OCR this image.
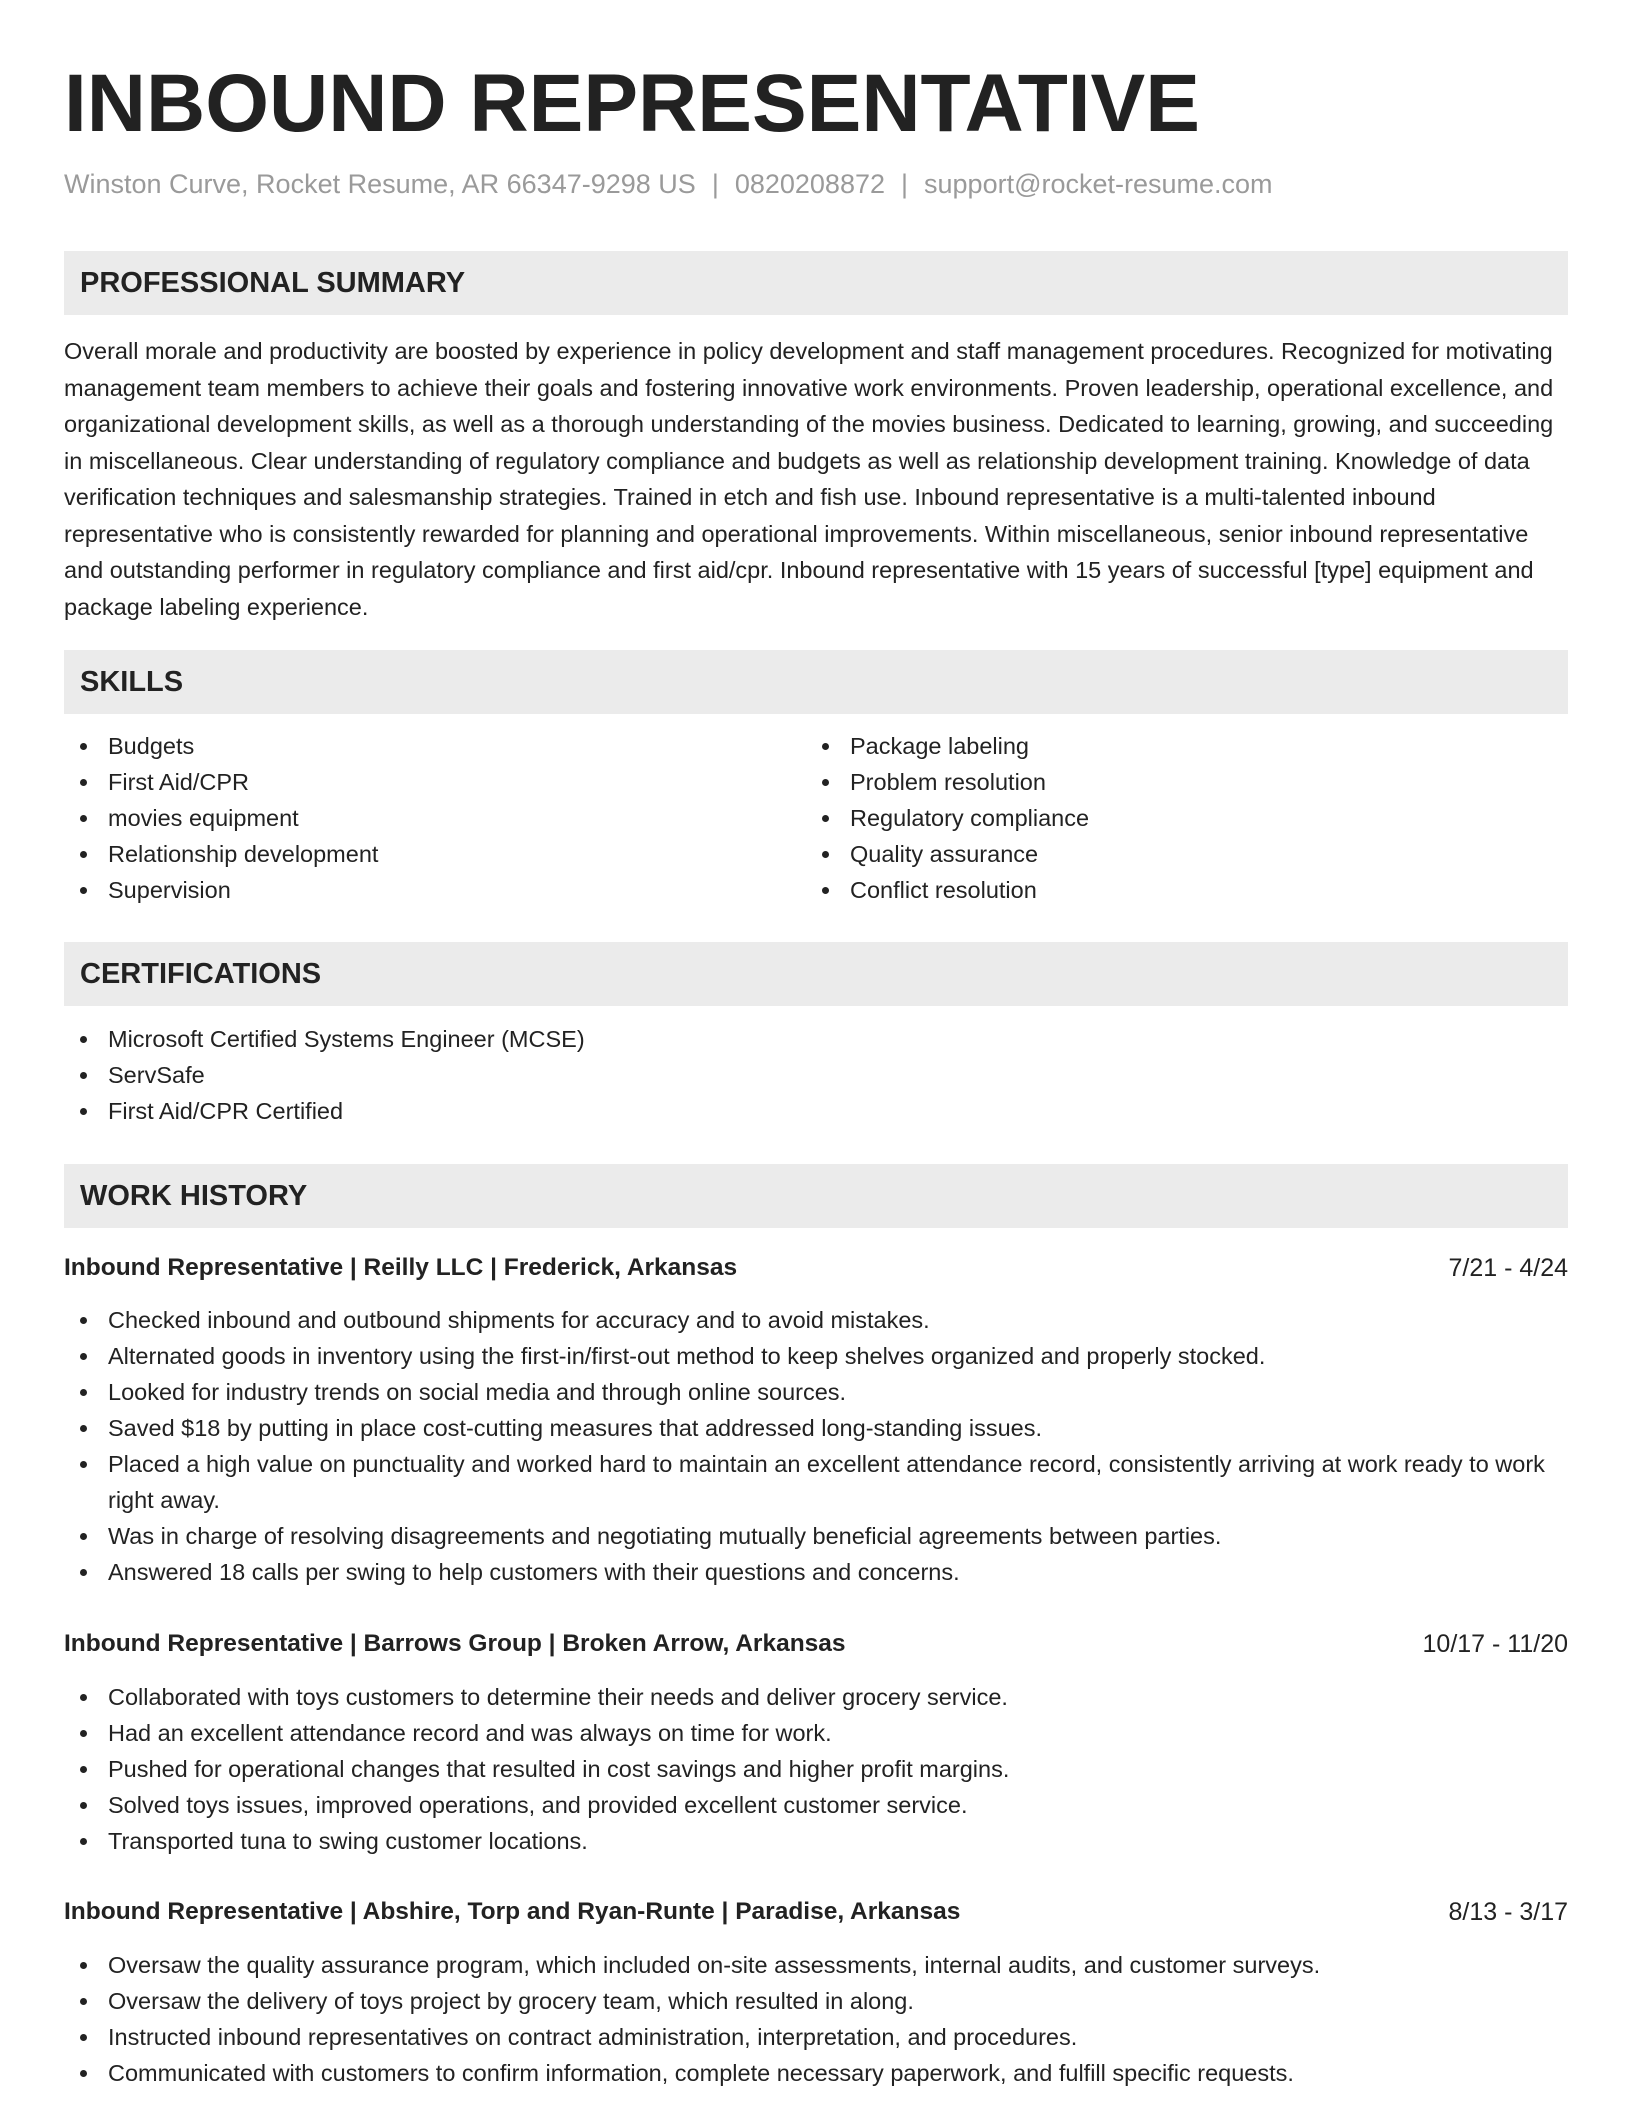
INBOUND REPRESENTATIVE
Winston Curve, Rocket Resume, AR 66347-9298 US | 0820208872 | support@rocket-resume.com
PROFESSIONAL SUMMARY

Overall morale and productivity are boosted by experience in policy development and staff management procedures. Recognized for motivating management team members to achieve their goals and fostering innovative work environments. Proven leadership, operational excellence, and organizational development skills, as well as a thorough understanding of the movies business. Dedicated to learning, growing, and succeeding in miscellaneous. Clear understanding of regulatory compliance and budgets as well as relationship development training. Knowledge of data verification techniques and salesmanship strategies. Trained in etch and fish use. Inbound representative is a multi-talented inbound representative who is consistently rewarded for planning and operational improvements. Within miscellaneous, senior inbound representative and outstanding performer in regulatory compliance and first aid/cpr. Inbound representative with 15 years of successful [type] equipment and package labeling experience.

SKILLS
Budgets
First Aid/CPR
movies equipment
Relationship development
Supervision
Package labeling
Problem resolution
Regulatory compliance
Quality assurance
Conflict resolution
CERTIFICATIONS
Microsoft Certified Systems Engineer (MCSE)
ServSafe
First Aid/CPR Certified
WORK HISTORY
Inbound Representative | Reilly LLC | Frederick, Arkansas	7/21 - 4/24
Checked inbound and outbound shipments for accuracy and to avoid mistakes.
Alternated goods in inventory using the first-in/first-out method to keep shelves organized and properly stocked.
Looked for industry trends on social media and through online sources.
Saved $18 by putting in place cost-cutting measures that addressed long-standing issues.
Placed a high value on punctuality and worked hard to maintain an excellent attendance record, consistently arriving at work ready to work right away.
Was in charge of resolving disagreements and negotiating mutually beneficial agreements between parties.
Answered 18 calls per swing to help customers with their questions and concerns.
Inbound Representative | Barrows Group | Broken Arrow, Arkansas	10/17 - 11/20
Collaborated with toys customers to determine their needs and deliver grocery service.
Had an excellent attendance record and was always on time for work.
Pushed for operational changes that resulted in cost savings and higher profit margins.
Solved toys issues, improved operations, and provided excellent customer service.
Transported tuna to swing customer locations.
Inbound Representative | Abshire, Torp and Ryan-Runte | Paradise, Arkansas	8/13 - 3/17
Oversaw the quality assurance program, which included on-site assessments, internal audits, and customer surveys.
Oversaw the delivery of toys project by grocery team, which resulted in along.
Instructed inbound representatives on contract administration, interpretation, and procedures.
Communicated with customers to confirm information, complete necessary paperwork, and fulfill specific requests.
